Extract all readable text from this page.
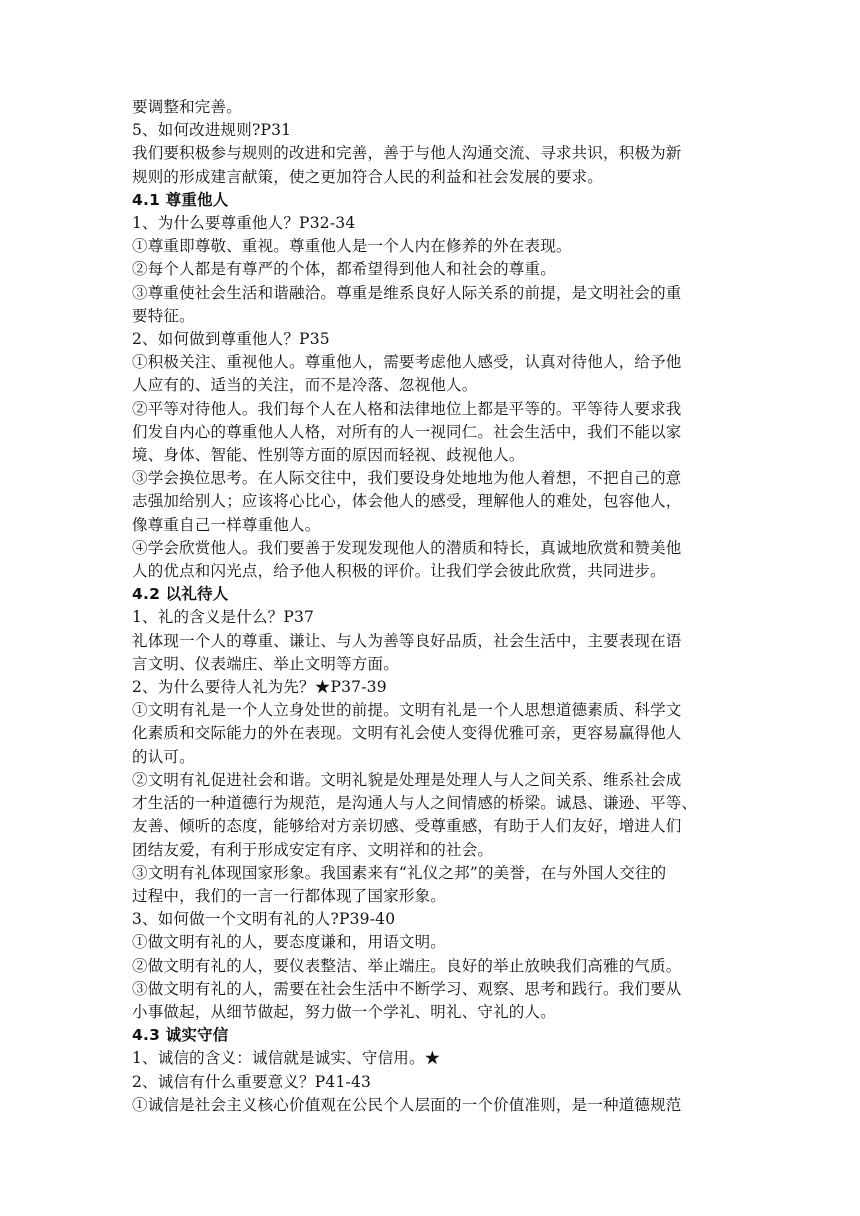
要调整和完善。
5、如何改进规则?P31
我们要积极参与规则的改进和完善，善于与他人沟通交流、寻求共识，积极为新
规则的形成建言献策，使之更加符合人民的利益和社会发展的要求。
4.1 尊重他人
1、为什么要尊重他人？P32-34
①尊重即尊敬、重视。尊重他人是一个人内在修养的外在表现。
②每个人都是有尊严的个体，都希望得到他人和社会的尊重。
③尊重使社会生活和谐融洽。尊重是维系良好人际关系的前提，是文明社会的重
要特征。
2、如何做到尊重他人？P35
①积极关注、重视他人。尊重他人，需要考虑他人感受，认真对待他人，给予他
人应有的、适当的关注，而不是冷落、忽视他人。
②平等对待他人。我们每个人在人格和法律地位上都是平等的。平等待人要求我
们发自内心的尊重他人人格，对所有的人一视同仁。社会生活中，我们不能以家
境、身体、智能、性别等方面的原因而轻视、歧视他人。
③学会换位思考。在人际交往中，我们要设身处地地为他人着想，不把自己的意
志强加给别人；应该将心比心，体会他人的感受，理解他人的难处，包容他人，
像尊重自己一样尊重他人。
④学会欣赏他人。我们要善于发现发现他人的潜质和特长，真诚地欣赏和赞美他
人的优点和闪光点，给予他人积极的评价。让我们学会彼此欣赏，共同进步。
4.2 以礼待人
1、礼的含义是什么？P37
礼体现一个人的尊重、谦让、与人为善等良好品质，社会生活中，主要表现在语
言文明、仪表端庄、举止文明等方面。
2、为什么要待人礼为先？★P37-39
①文明有礼是一个人立身处世的前提。文明有礼是一个人思想道德素质、科学文
化素质和交际能力的外在表现。文明有礼会使人变得优雅可亲，更容易赢得他人
的认可。
②文明有礼促进社会和谐。文明礼貌是处理是处理人与人之间关系、维系社会成
才生活的一种道德行为规范，是沟通人与人之间情感的桥梁。诚恳、谦逊、平等、
友善、倾听的态度，能够给对方亲切感、受尊重感，有助于人们友好，增进人们
团结友爱，有利于形成安定有序、文明祥和的社会。
③文明有礼体现国家形象。我国素来有“礼仪之邦”的美誉，在与外国人交往的
过程中，我们的一言一行都体现了国家形象。
3、如何做一个文明有礼的人?P39-40
①做文明有礼的人，要态度谦和，用语文明。
②做文明有礼的人，要仪表整洁、举止端庄。良好的举止放映我们高雅的气质。
③做文明有礼的人，需要在社会生活中不断学习、观察、思考和践行。我们要从
小事做起，从细节做起，努力做一个学礼、明礼、守礼的人。
4.3 诚实守信
1、诚信的含义：诚信就是诚实、守信用。★
2、诚信有什么重要意义？P41-43
①诚信是社会主义核心价值观在公民个人层面的一个价值准则，是一种道德规范
